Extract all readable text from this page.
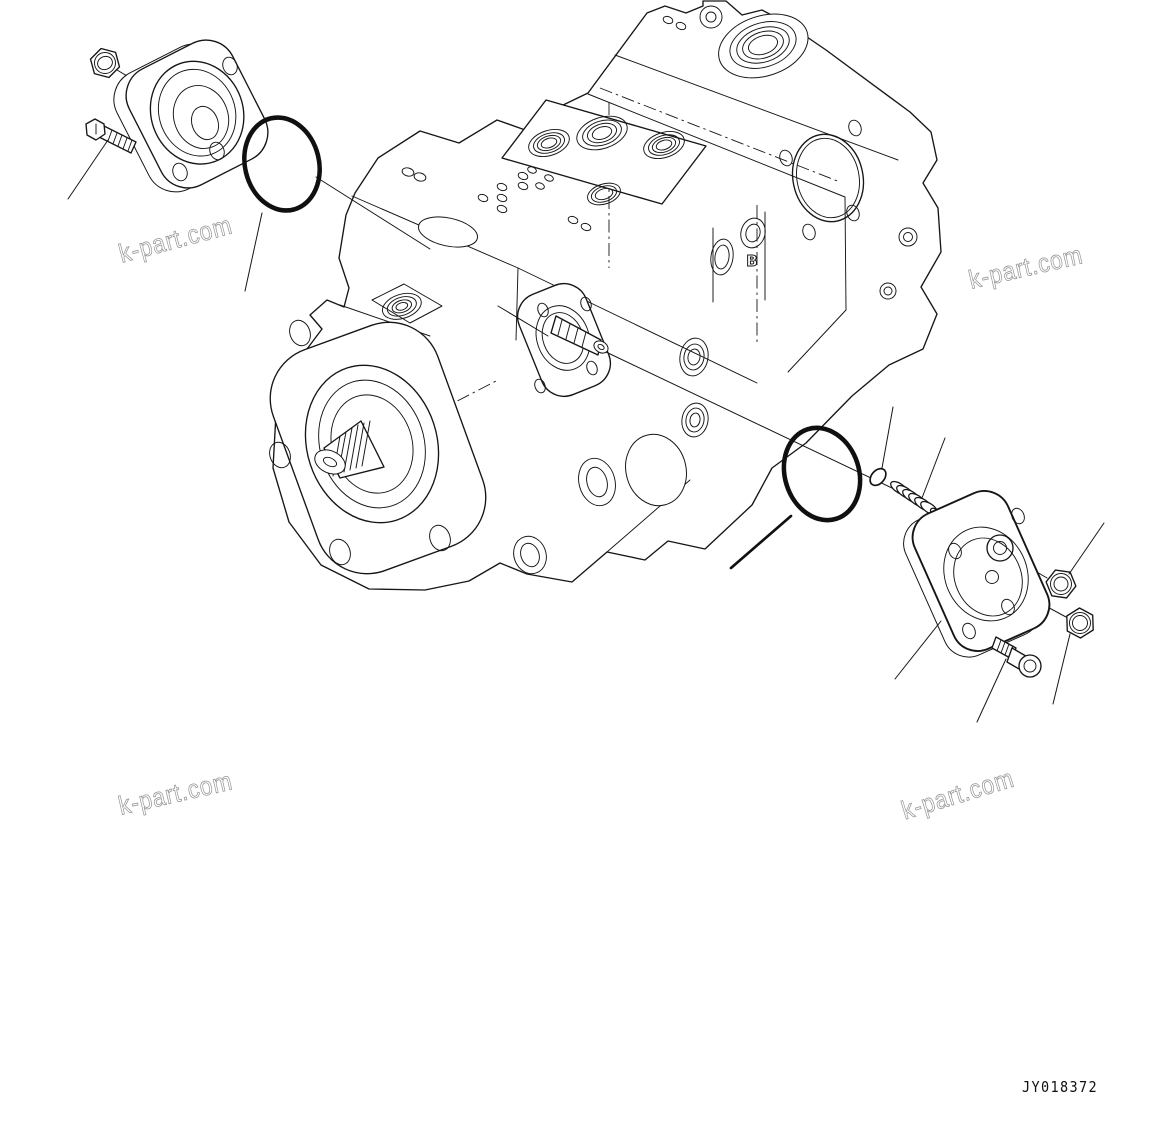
B
k-part.com	k-part.com
k-part.com	k-part.com
JY018372
